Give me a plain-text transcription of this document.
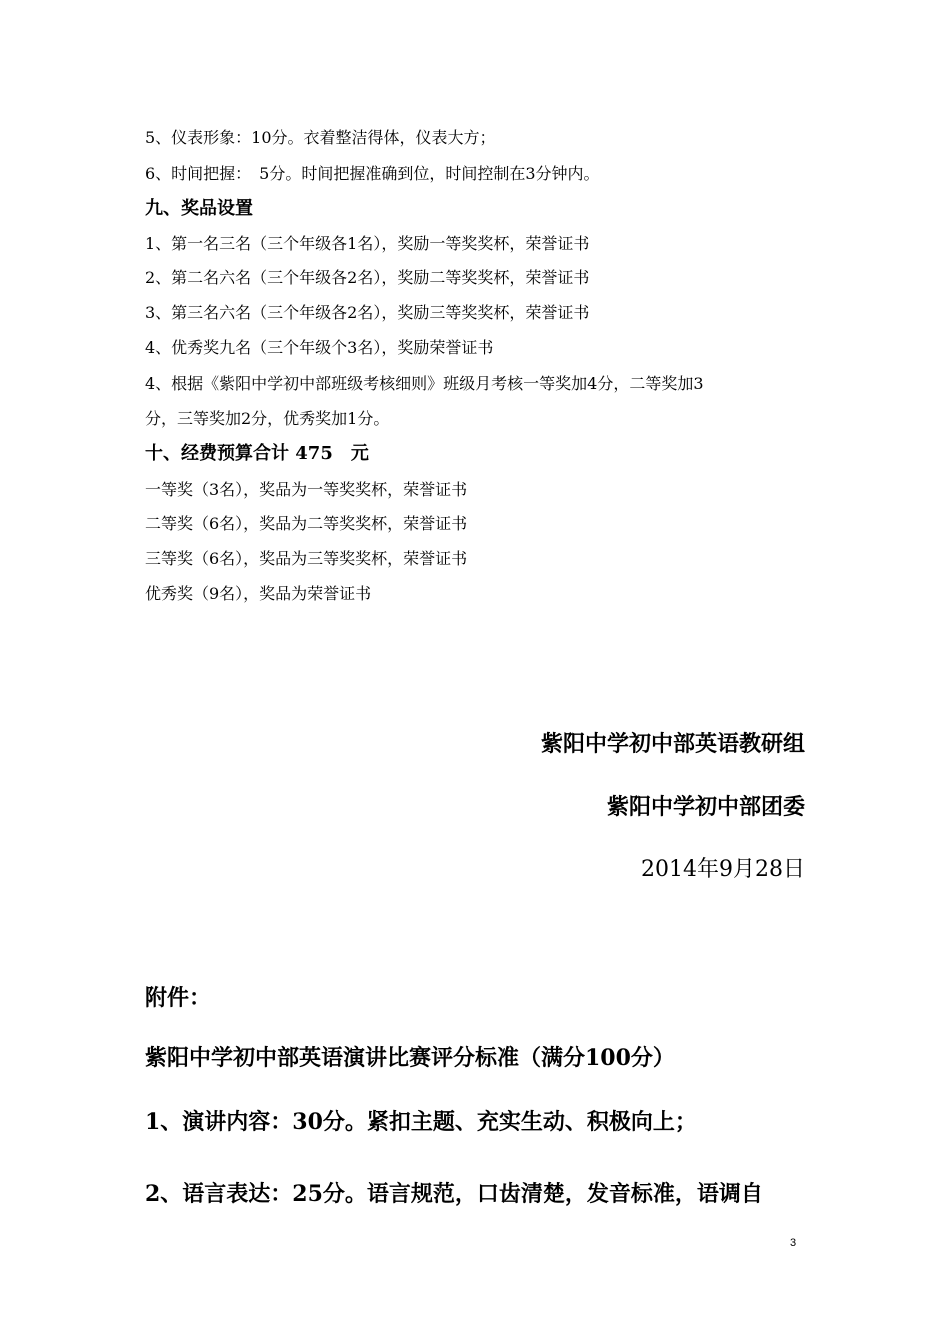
5、仪表形象：10分。衣着整洁得体，仪表大方；
6、时间把握：　5分。时间把握准确到位，时间控制在3分钟内。
九、奖品设置
1、第一名三名（三个年级各1名），奖励一等奖奖杯，荣誉证书
2、第二名六名（三个年级各2名），奖励二等奖奖杯，荣誉证书
3、第三名六名（三个年级各2名），奖励三等奖奖杯，荣誉证书
4、优秀奖九名（三个年级个3名），奖励荣誉证书
4、根据《紫阳中学初中部班级考核细则》班级月考核一等奖加4分，二等奖加3
分，三等奖加2分，优秀奖加1分。
十、经费预算合计 475　元
一等奖（3名），奖品为一等奖奖杯，荣誉证书
二等奖（6名），奖品为二等奖奖杯，荣誉证书
三等奖（6名），奖品为三等奖奖杯，荣誉证书
优秀奖（9名），奖品为荣誉证书
紫阳中学初中部英语教研组
紫阳中学初中部团委
2014年9月28日
附件：
紫阳中学初中部英语演讲比赛评分标准（满分100分）
1、演讲内容：30分。紧扣主题、充实生动、积极向上；
2、语言表达：25分。语言规范，口齿清楚，发音标准，语调自
3
